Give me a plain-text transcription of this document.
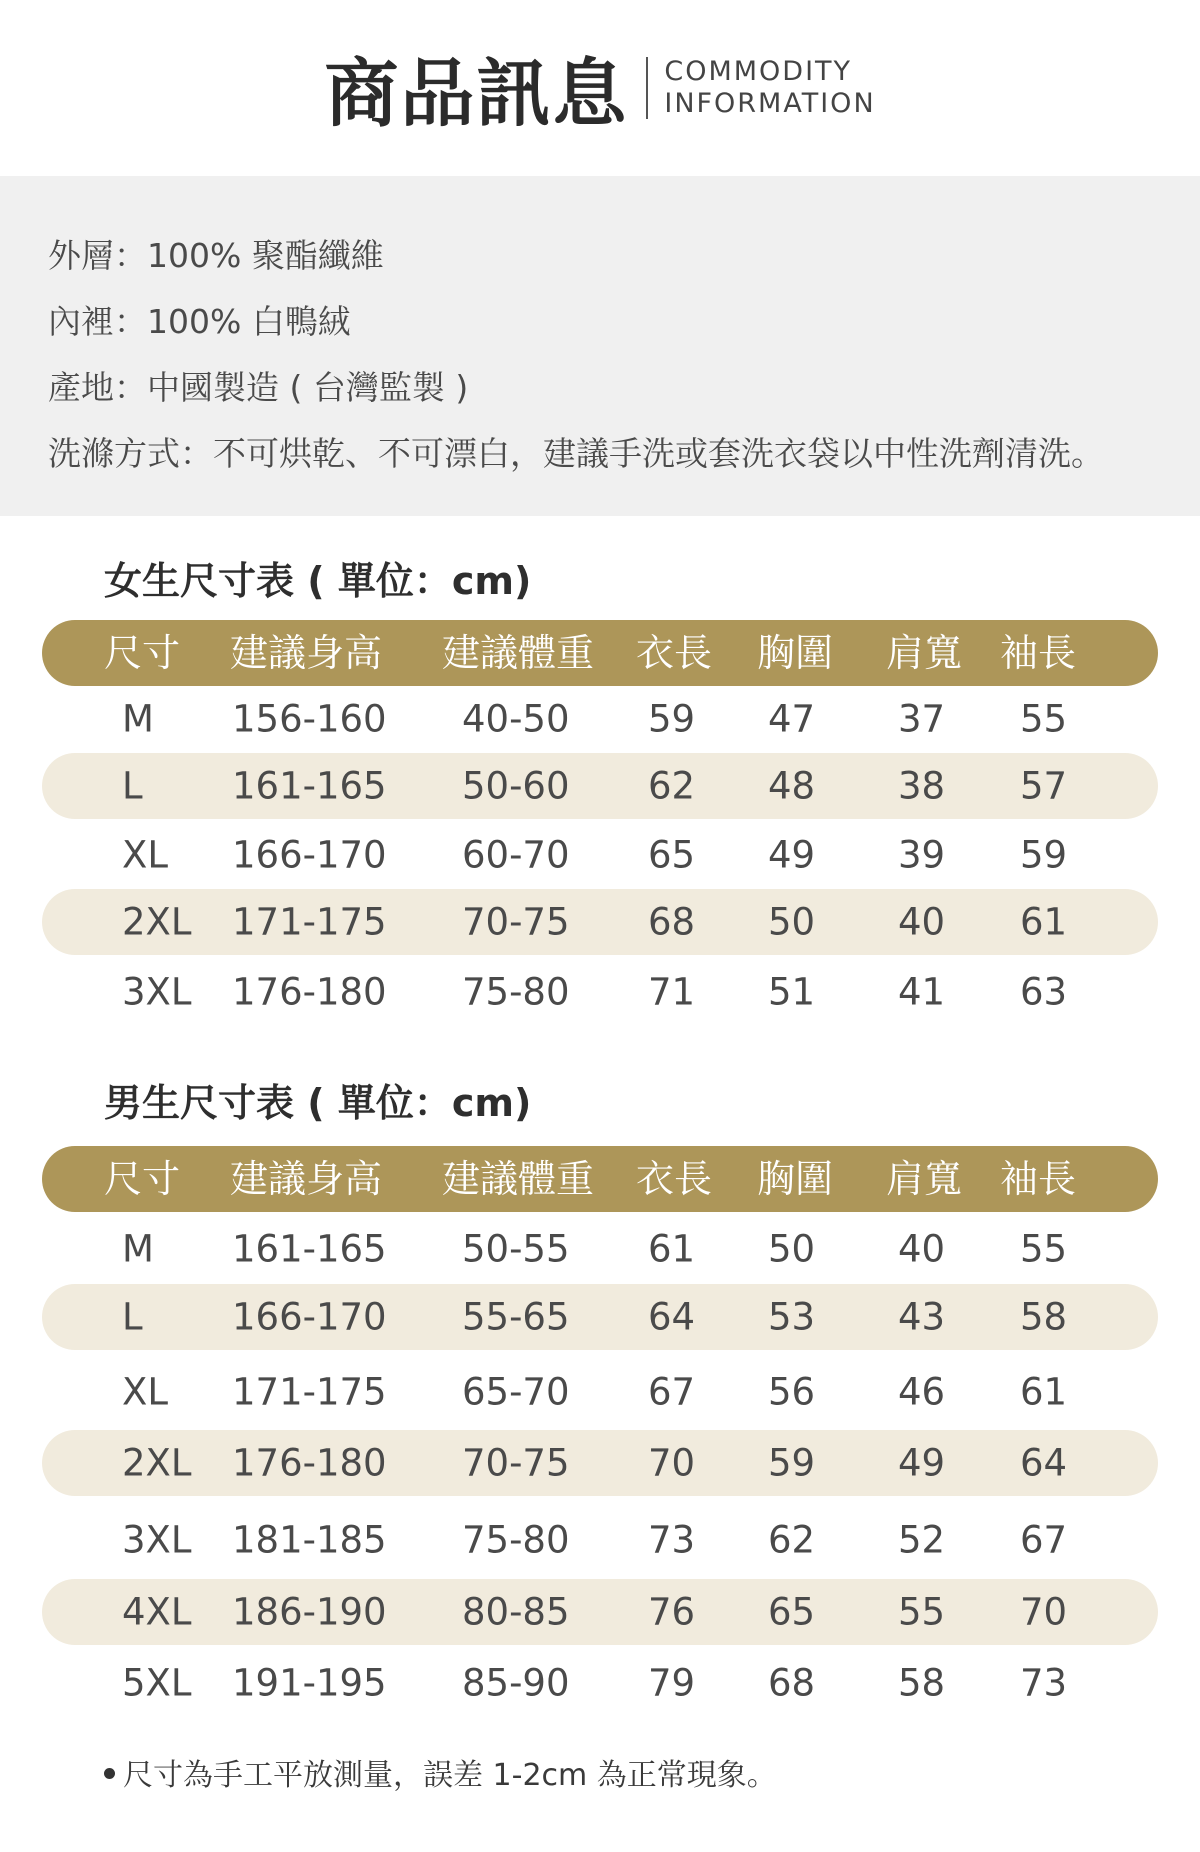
商品訊息 COMMODITY
INFORMATION
外層：100% 聚酯纖維
內裡：100% 白鴨絨
產地：中國製造 ( 台灣監製 )
洗滌方式：不可烘乾、不可漂白，建議手洗或套洗衣袋以中性洗劑清洗。
女生尺寸表 ( 單位：cm)
尺寸 建議身高 建議體重 衣長 胸圍 肩寬 袖長
M 156-160 40-50 59 47 37 55
L 161-165 50-60 62 48 38 57
XL 166-170 60-70 65 49 39 59
2XL 171-175 70-75 68 50 40 61
3XL 176-180 75-80 71 51 41 63
男生尺寸表 ( 單位：cm)
尺寸 建議身高 建議體重 衣長 胸圍 肩寬 袖長
M 161-165 50-55 61 50 40 55
L 166-170 55-65 64 53 43 58
XL 171-175 65-70 67 56 46 61
2XL 176-180 70-75 70 59 49 64
3XL 181-185 75-80 73 62 52 67
4XL 186-190 80-85 76 65 55 70
5XL 191-195 85-90 79 68 58 73
尺寸為手工平放測量，誤差 1-2cm 為正常現象。
